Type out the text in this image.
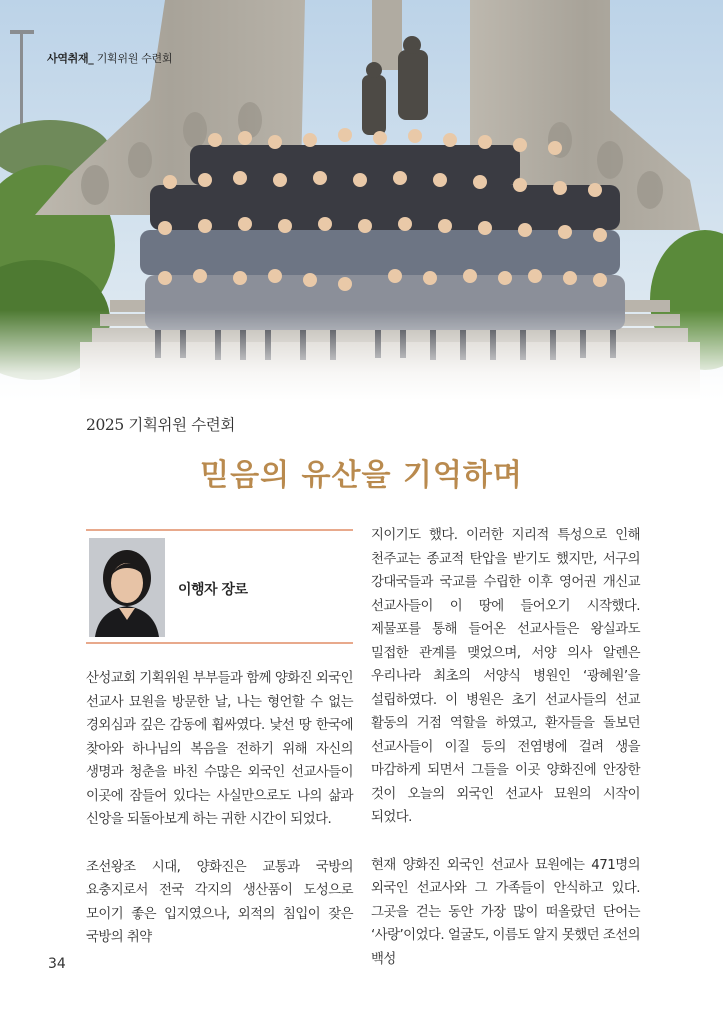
사역취재_ 기획위원 수련회
2025 기획위원 수련회
믿음의 유산을 기억하며
이행자 장로

산성교회 기획위원 부부들과 함께 양화진 외국인 선교사 묘원을 방문한 날, 나는 형언할 수 없는 경외심과 깊은 감동에 휩싸였다. 낯선 땅 한국에 찾아와 하나님의 복음을 전하기 위해 자신의 생명과 청춘을 바친 수많은 외국인 선교사들이 이곳에 잠들어 있다는 사실만으로도 나의 삶과 신앙을 되돌아보게 하는 귀한 시간이 되었다.

조선왕조 시대, 양화진은 교통과 국방의 요충지로서 전국 각지의 생산품이 도성으로 모이기 좋은 입지였으나, 외적의 침입이 잦은 국방의 취약

지이기도 했다. 이러한 지리적 특성으로 인해 천주교는 종교적 탄압을 받기도 했지만, 서구의 강대국들과 국교를 수립한 이후 영어권 개신교 선교사들이 이 땅에 들어오기 시작했다. 제물포를 통해 들어온 선교사들은 왕실과도 밀접한 관계를 맺었으며, 서양 의사 알렌은 우리나라 최초의 서양식 병원인 ‘광혜원’을 설립하였다. 이 병원은 초기 선교사들의 선교 활동의 거점 역할을 하였고, 환자들을 돌보던 선교사들이 이질 등의 전염병에 걸려 생을 마감하게 되면서 그들을 이곳 양화진에 안장한 것이 오늘의 외국인 선교사 묘원의 시작이 되었다.

현재 양화진 외국인 선교사 묘원에는 471명의 외국인 선교사와 그 가족들이 안식하고 있다. 그곳을 걷는 동안 가장 많이 떠올랐던 단어는 ‘사랑’이었다. 얼굴도, 이름도 알지 못했던 조선의 백성

34
